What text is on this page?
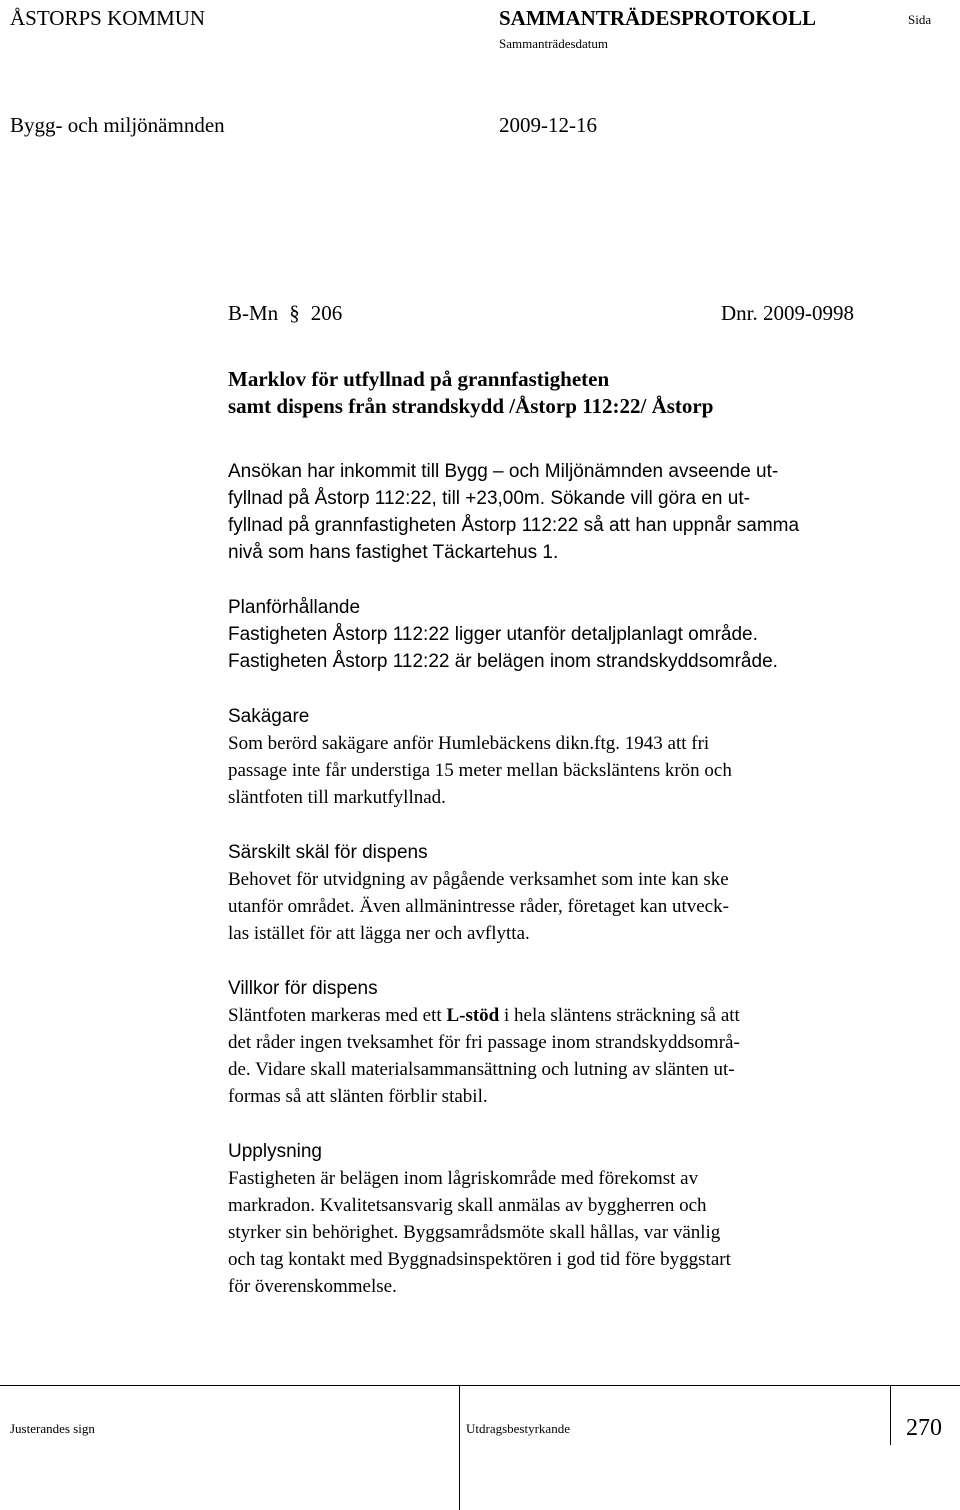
ÅSTORPS KOMMUN	SAMMANTRÄDESPROTOKOLL
Sammanträdesdatum
Sida
Bygg- och miljönämnden	2009-12-16
B-Mn § 206	Dnr. 2009-0998
Marklov för utfyllnad på grannfastigheten
samt dispens från strandskydd /Åstorp 112:22/ Åstorp
Ansökan har inkommit till Bygg – och Miljönämnden avseende ut-
fyllnad på Åstorp 112:22, till +23,00m. Sökande vill göra en ut-
fyllnad på grannfastigheten Åstorp 112:22 så att han uppnår samma
nivå som hans fastighet Täckartehus 1.
Planförhållande
Fastigheten Åstorp 112:22 ligger utanför detaljplanlagt område.
Fastigheten Åstorp 112:22 är belägen inom strandskyddsområde.
Sakägare
Som berörd sakägare anför Humlebäckens dikn.ftg. 1943 att fri
passage inte får understiga 15 meter mellan bäcksläntens krön och
släntfoten till markutfyllnad.
Särskilt skäl för dispens
Behovet för utvidgning av pågående verksamhet som inte kan ske
utanför området. Även allmänintresse råder, företaget kan utveck-
las istället för att lägga ner och avflytta.
Villkor för dispens
Släntfoten markeras med ett L-stöd i hela släntens sträckning så att
det råder ingen tveksamhet för fri passage inom strandskyddsområ-
de. Vidare skall materialsammansättning och lutning av slänten ut-
formas så att slänten förblir stabil.
Upplysning
Fastigheten är belägen inom lågriskområde med förekomst av
markradon. Kvalitetsansvarig skall anmälas av byggherren och
styrker sin behörighet. Byggsamrådsmöte skall hållas, var vänlig
och tag kontakt med Byggnadsinspektören i god tid före byggstart
för överenskommelse.
Justerandes sign	Utdragsbestyrkande	270
